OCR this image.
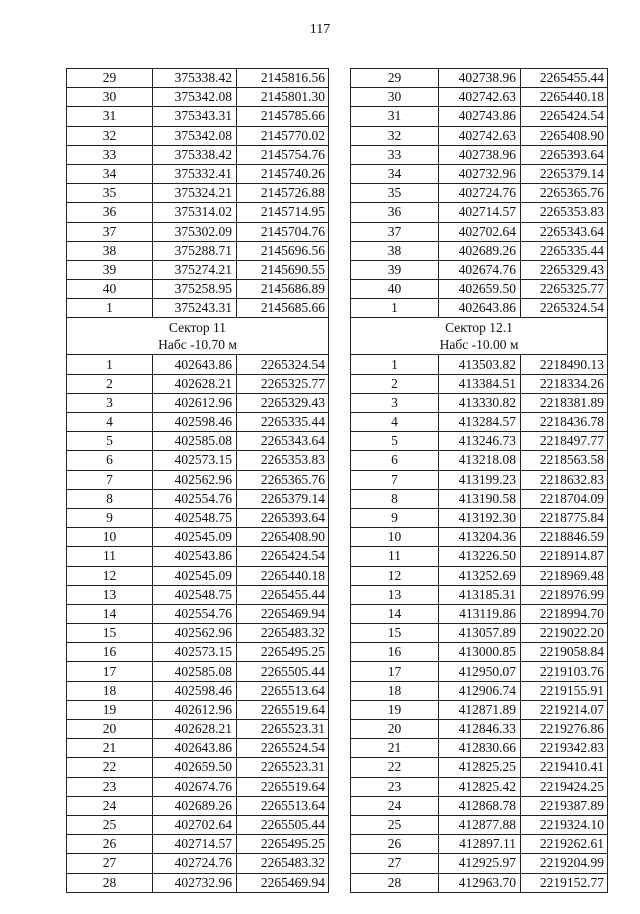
117
29	375338.42	2145816.56
30	375342.08	2145801.30
31	375343.31	2145785.66
32	375342.08	2145770.02
33	375338.42	2145754.76
34	375332.41	2145740.26
35	375324.21	2145726.88
36	375314.02	2145714.95
37	375302.09	2145704.76
38	375288.71	2145696.56
39	375274.21	2145690.55
40	375258.95	2145686.89
1	375243.31	2145685.66

Сектор 11
Набс -10.70 м		

1	402643.86	2265324.54
2	402628.21	2265325.77
3	402612.96	2265329.43
4	402598.46	2265335.44
5	402585.08	2265343.64
6	402573.15	2265353.83
7	402562.96	2265365.76
8	402554.76	2265379.14
9	402548.75	2265393.64
10	402545.09	2265408.90
11	402543.86	2265424.54
12	402545.09	2265440.18
13	402548.75	2265455.44
14	402554.76	2265469.94
15	402562.96	2265483.32
16	402573.15	2265495.25
17	402585.08	2265505.44
18	402598.46	2265513.64
19	402612.96	2265519.64
20	402628.21	2265523.31
21	402643.86	2265524.54
22	402659.50	2265523.31
23	402674.76	2265519.64
24	402689.26	2265513.64
25	402702.64	2265505.44
26	402714.57	2265495.25
27	402724.76	2265483.32
28	402732.96	2265469.94
29	402738.96	2265455.44
30	402742.63	2265440.18
31	402743.86	2265424.54
32	402742.63	2265408.90
33	402738.96	2265393.64
34	402732.96	2265379.14
35	402724.76	2265365.76
36	402714.57	2265353.83
37	402702.64	2265343.64
38	402689.26	2265335.44
39	402674.76	2265329.43
40	402659.50	2265325.77
1	402643.86	2265324.54

Сектор 12.1
Набс -10.00 м		

1	413503.82	2218490.13
2	413384.51	2218334.26
3	413330.82	2218381.89
4	413284.57	2218436.78
5	413246.73	2218497.77
6	413218.08	2218563.58
7	413199.23	2218632.83
8	413190.58	2218704.09
9	413192.30	2218775.84
10	413204.36	2218846.59
11	413226.50	2218914.87
12	413252.69	2218969.48
13	413185.31	2218976.99
14	413119.86	2218994.70
15	413057.89	2219022.20
16	413000.85	2219058.84
17	412950.07	2219103.76
18	412906.74	2219155.91
19	412871.89	2219214.07
20	412846.33	2219276.86
21	412830.66	2219342.83
22	412825.25	2219410.41
23	412825.42	2219424.25
24	412868.78	2219387.89
25	412877.88	2219324.10
26	412897.11	2219262.61
27	412925.97	2219204.99
28	412963.70	2219152.77
